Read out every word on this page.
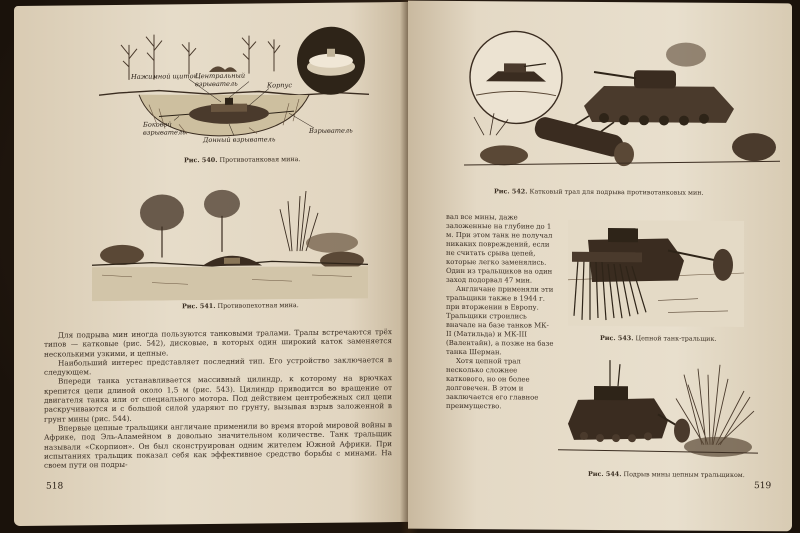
Нажимной щиток
Центральный взрыватель	Корпус
Боковой взрыватель
Донный взрыватель
Взрыватель
Рис. 540. Противотанковая мина.
Рис. 541. Противопехотная мина.

Для подрыва мин иногда пользуются танковыми тралами. Тралы встречаются трёх типов — катковые (рис. 542), дисковые, в которых один широкий каток заменяется несколькими узкими, и цепные.

Наибольший интерес представляет последний тип. Его устройство заключается в следующем.

Впереди танка устанавливается массивный цилиндр, к которому на врючках крепится цепи длиной около 1,5 м (рис. 543). Цилиндр приводится во вращение от двигателя танка или от специального мотора. Под действием центробежных сил цепи раскручиваются и с большой силой ударяют по грунту, вызывая взрыв заложенной в грунт мины (рис. 544).

Впервые цепные тральщики англичане применили во время второй мировой войны в Африке, под Эль-Аламейном в довольно значительном количестве. Танк тральщик называли «Скорпион». Он был сконструирован одним жителем Южной Африки. При испытаниях тральщик показал себя как эффективное средство борьбы с минами. На своем пути он подры-

518
Рис. 542. Катковый трал для подрыва противотанковых мин.

вал все мины, даже заложенные на глубине до 1 м. При этом танк не получал никаких повреждений, если не считать срыва цепей, которые легко заменялись. Один из тральщиков на один заход подорвал 47 мин.

Англичане применяли эти тральщики также в 1944 г. при вторжении в Европу. Тральщики строились вначале на базе танков МК-II (Матильда) и МК-III (Валентайн), а позже на базе танка Шерман.

Хотя цепной трал несколько сложнее каткового, но он более долговечен. В этом и заключается его главное преимущество.

Рис. 543. Цепной танк-тральщик.
Рис. 544. Подрыв мины цепным тральщиком.
519
